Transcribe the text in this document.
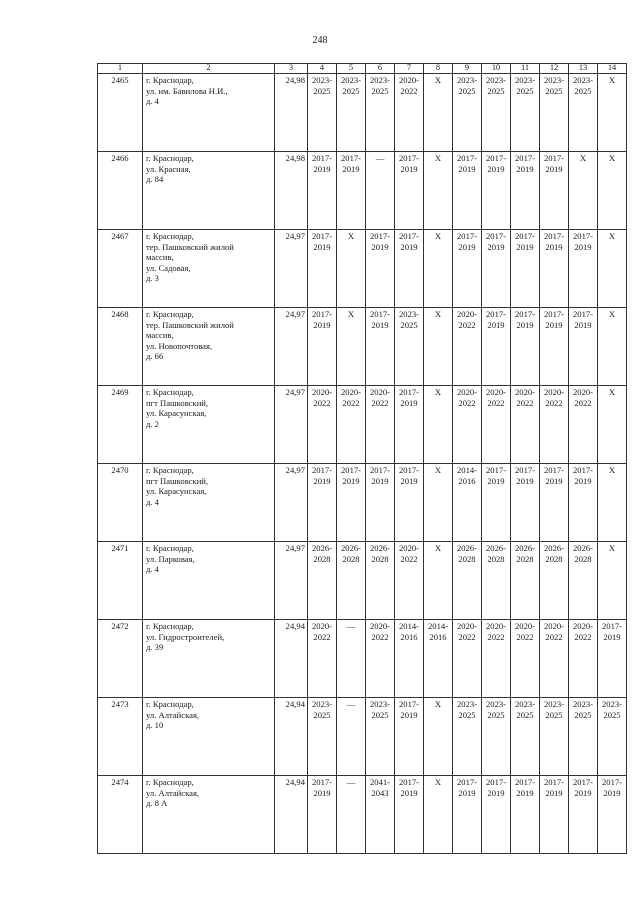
248
1	2	3	4	5	6	7	8	9	10	11	12	13	14
2465	г. Краснодар,
ул. им. Бавилова Н.И.,
д. 4	24,98	2023-
2025	2023-
2025	2023-
2025	2020-
2022	Х	2023-
2025	2023-
2025	2023-
2025	2023-
2025	2023-
2025	Х
2466	г. Краснодар,
ул. Красная,
д. 84	24,98	2017-
2019	2017-
2019	—	2017-
2019	Х	2017-
2019	2017-
2019	2017-
2019	2017-
2019	Х	Х
2467	г. Краснодар,
тер. Пашковский жилой
массив,
ул. Садовая,
д. 3	24,97	2017-
2019	Х	2017-
2019	2017-
2019	Х	2017-
2019	2017-
2019	2017-
2019	2017-
2019	2017-
2019	Х
2468	г. Краснодар,
тер. Пашковский жилой
массив,
ул. Новопочтовая,
д. 66	24,97	2017-
2019	Х	2017-
2019	2023-
2025	Х	2020-
2022	2017-
2019	2017-
2019	2017-
2019	2017-
2019	Х
2469	г. Краснодар,
пгт Пашковский,
ул. Карасунская,
д. 2	24,97	2020-
2022	2020-
2022	2020-
2022	2017-
2019	Х	2020-
2022	2020-
2022	2020-
2022	2020-
2022	2020-
2022	Х
2470	г. Краснодар,
пгт Пашковский,
ул. Карасунская,
д. 4	24,97	2017-
2019	2017-
2019	2017-
2019	2017-
2019	Х	2014-
2016	2017-
2019	2017-
2019	2017-
2019	2017-
2019	Х
2471	г. Краснодар,
ул. Парковая,
д. 4	24,97	2026-
2028	2026-
2028	2026-
2028	2020-
2022	Х	2026-
2028	2026-
2028	2026-
2028	2026-
2028	2026-
2028	Х
2472	г. Краснодар,
ул. Гидростроителей,
д. 39	24,94	2020-
2022	—	2020-
2022	2014-
2016	2014-
2016	2020-
2022	2020-
2022	2020-
2022	2020-
2022	2020-
2022	2017-
2019

2473	г. Краснодар,
ул. Алтайская,
д. 10	24,94	2023-
2025	—	2023-
2025	2017-
2019	Х	2023-
2025	2023-
2025	2023-
2025	2023-
2025	2023-
2025	2023-
2025

2474	г. Краснодар,
ул. Алтайская,
д. 8 А	24,94	2017-
2019	—	2041-
2043	2017-
2019	Х	2017-
2019	2017-
2019	2017-
2019	2017-
2019	2017-
2019	2017-
2019
